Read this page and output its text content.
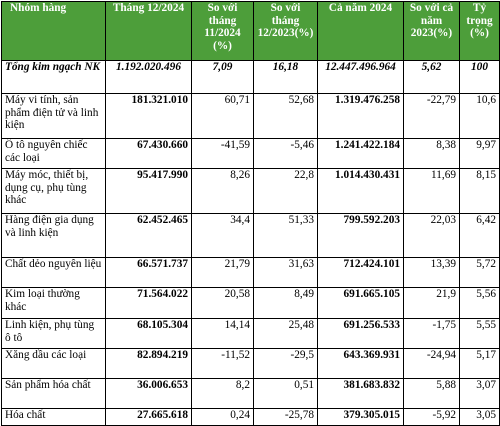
Nhóm hàng	Tháng 12/2024	So với tháng 11/2024 (%)	So với tháng 12/2023(%)	Cả năm 2024	So với cả năm 2023(%)	Tỷ trọng (%)
Tổng kim ngạch NK	1.192.020.496	7,09	16,18	12.447.496.964	5,62	100
Máy vi tính, sản phẩm điện tử và linh kiện	181.321.010	60,71	52,68	1.319.476.258	-22,79	10,6
Ô tô nguyên chiếc các loại	67.430.660	-41,59	-5,46	1.241.422.184	8,38	9,97
Máy móc, thiết bị, dụng cụ, phụ tùng khác	95.417.990	8,26	22,8	1.014.430.431	11,69	8,15
Hàng điện gia dụng và linh kiện	62.452.465	34,4	51,33	799.592.203	22,03	6,42
Chất dẻo nguyên liệu	66.571.737	21,79	31,63	712.424.101	13,39	5,72
Kim loại thường khác	71.564.022	20,58	8,49	691.665.105	21,9	5,56
Linh kiện, phụ tùng ô tô	68.105.304	14,14	25,48	691.256.533	-1,75	5,55
Xăng dầu các loại	82.894.219	-11,52	-29,5	643.369.931	-24,94	5,17
Sản phẩm hóa chất	36.006.653	8,2	0,51	381.683.832	5,88	3,07
Hóa chất	27.665.618	0,24	-25,78	379.305.015	-5,92	3,05
